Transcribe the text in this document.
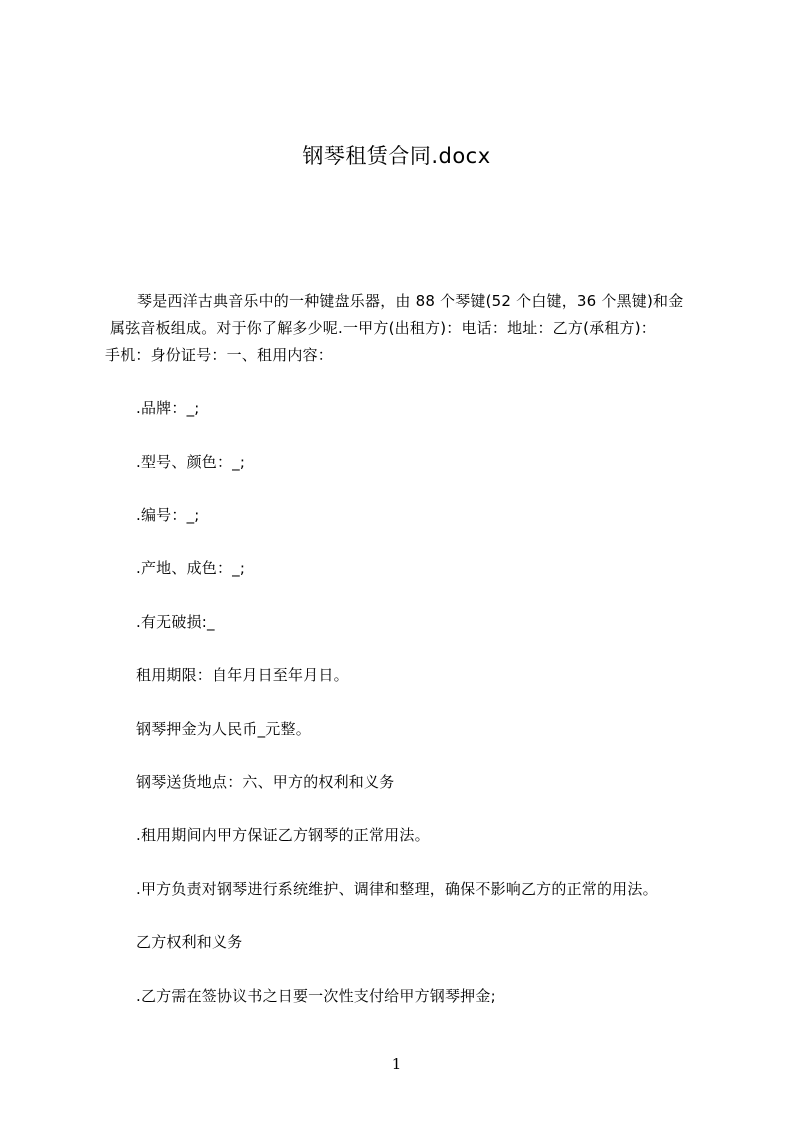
钢琴租赁合同.docx

琴是西洋古典音乐中的一种键盘乐器，由 88 个琴键(52 个白键，36 个黑键)和金

属弦音板组成。对于你了解多少呢.一甲方(出租方)：电话：地址：乙方(承租方)：

手机：身份证号：一、租用内容：

.品牌：_;
.型号、颜色：_;
.编号：_;
.产地、成色：_;
.有无破损:_
租用期限：自年月日至年月日。
钢琴押金为人民币_元整。
钢琴送货地点：六、甲方的权利和义务
.租用期间内甲方保证乙方钢琴的正常用法。
.甲方负责对钢琴进行系统维护、调律和整理，确保不影响乙方的正常的用法。
乙方权利和义务
.乙方需在签协议书之日要一次性支付给甲方钢琴押金;
1
